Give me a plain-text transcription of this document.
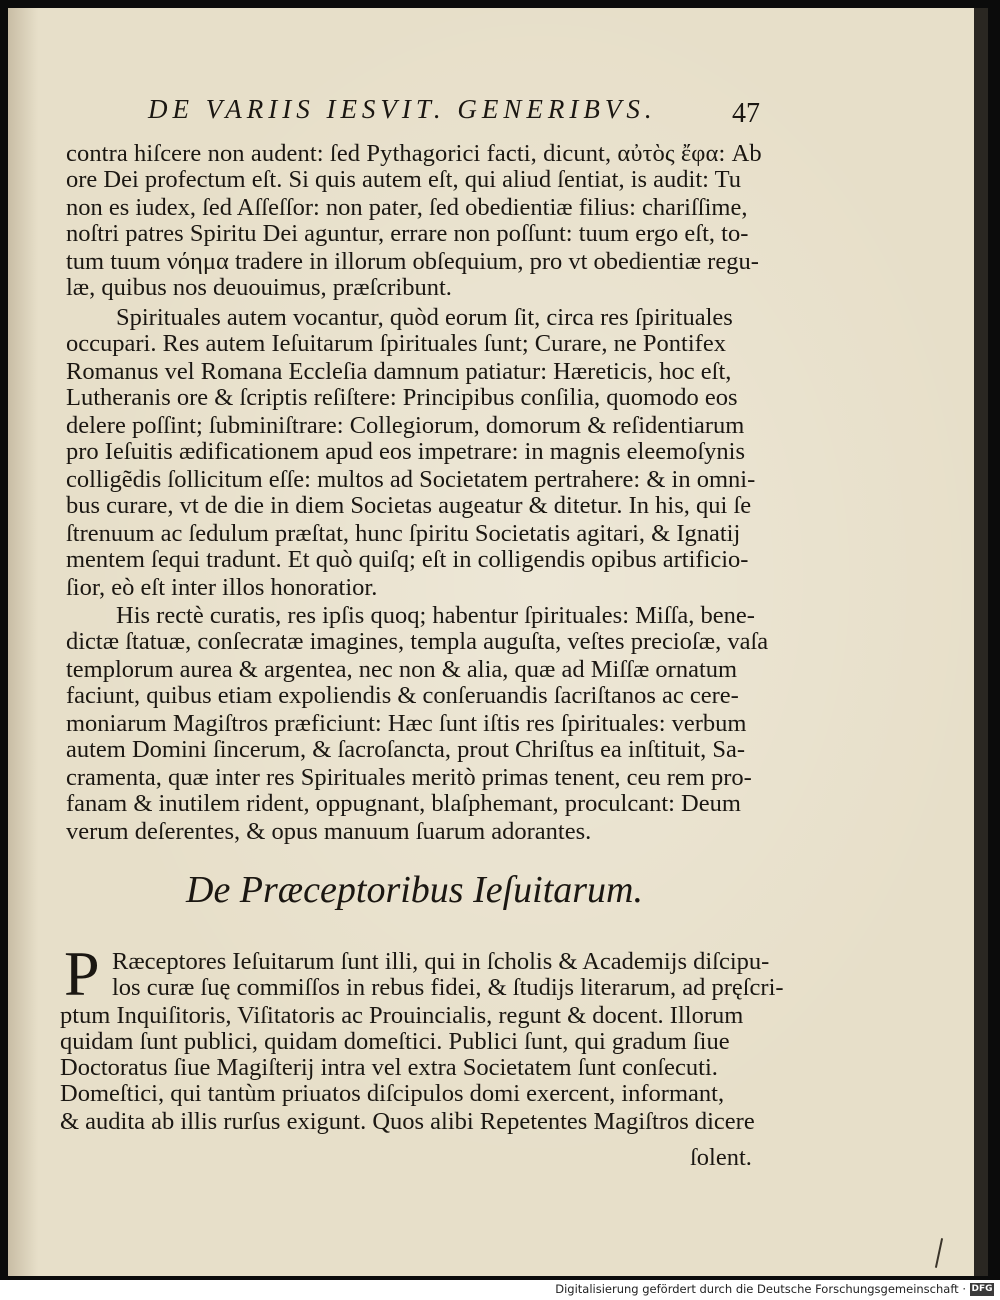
DE VARIIS IESVIT. GENERIBVS.	47
contra hiſcere non audent: ſed Pythagorici facti, dicunt, αὐτὸς ἔφα: Ab
ore Dei profectum eſt. Si quis autem eſt, qui aliud ſentiat, is audit: Tu
non es iudex, ſed Aſſeſſor: non pater, ſed obedientiæ filius: chariſſime,
noſtri patres Spiritu Dei aguntur, errare non poſſunt: tuum ergo eſt, to-
tum tuum νόημα tradere in illorum obſequium, pro vt obedientiæ regu-
læ, quibus nos deuouimus, præſcribunt.
Spirituales autem vocantur, quòd eorum ſit, circa res ſpirituales
occupari. Res autem Ieſuitarum ſpirituales ſunt; Curare, ne Pontifex
Romanus vel Romana Eccleſia damnum patiatur: Hæreticis, hoc eſt,
Lutheranis ore & ſcriptis reſiſtere: Principibus conſilia, quomodo eos
delere poſſint; ſubminiſtrare: Collegiorum, domorum & reſidentiarum
pro Ieſuitis ædificationem apud eos impetrare: in magnis eleemoſynis
colligẽdis ſollicitum eſſe: multos ad Societatem pertrahere: & in omni-
bus curare, vt de die in diem Societas augeatur & ditetur. In his, qui ſe
ſtrenuum ac ſedulum præſtat, hunc ſpiritu Societatis agitari, & Ignatij
mentem ſequi tradunt. Et quò quiſq; eſt in colligendis opibus artificio-
ſior, eò eſt inter illos honoratior.
His rectè curatis, res ipſis quoq; habentur ſpirituales: Miſſa, bene-
dictæ ſtatuæ, conſecratæ imagines, templa auguſta, veſtes precioſæ, vaſa
templorum aurea & argentea, nec non & alia, quæ ad Miſſæ ornatum
faciunt, quibus etiam expoliendis & conſeruandis ſacriſtanos ac cere-
moniarum Magiſtros præficiunt: Hæc ſunt iſtis res ſpirituales: verbum
autem Domini ſincerum, & ſacroſancta, prout Chriſtus ea inſtituit, Sa-
cramenta, quæ inter res Spirituales meritò primas tenent, ceu rem pro-
fanam & inutilem rident, oppugnant, blaſphemant, proculcant: Deum
verum deſerentes, & opus manuum ſuarum adorantes.
De Præceptoribus Ieſuitarum.
P Ræceptores Ieſuitarum ſunt illi, qui in ſcholis & Academijs diſcipu-
los curæ ſuę commiſſos in rebus fidei, & ſtudijs literarum, ad pręſcri-
ptum Inquiſitoris, Viſitatoris ac Prouincialis, regunt & docent. Illorum
quidam ſunt publici, quidam domeſtici. Publici ſunt, qui gradum ſiue
Doctoratus ſiue Magiſterij intra vel extra Societatem ſunt conſecuti.
Domeſtici, qui tantùm priuatos diſcipulos domi exercent, informant,
& audita ab illis rurſus exigunt. Quos alibi Repetentes Magiſtros dicere
ſolent.
Digitalisierung gefördert durch die Deutsche Forschungsgemeinschaft · DFG
